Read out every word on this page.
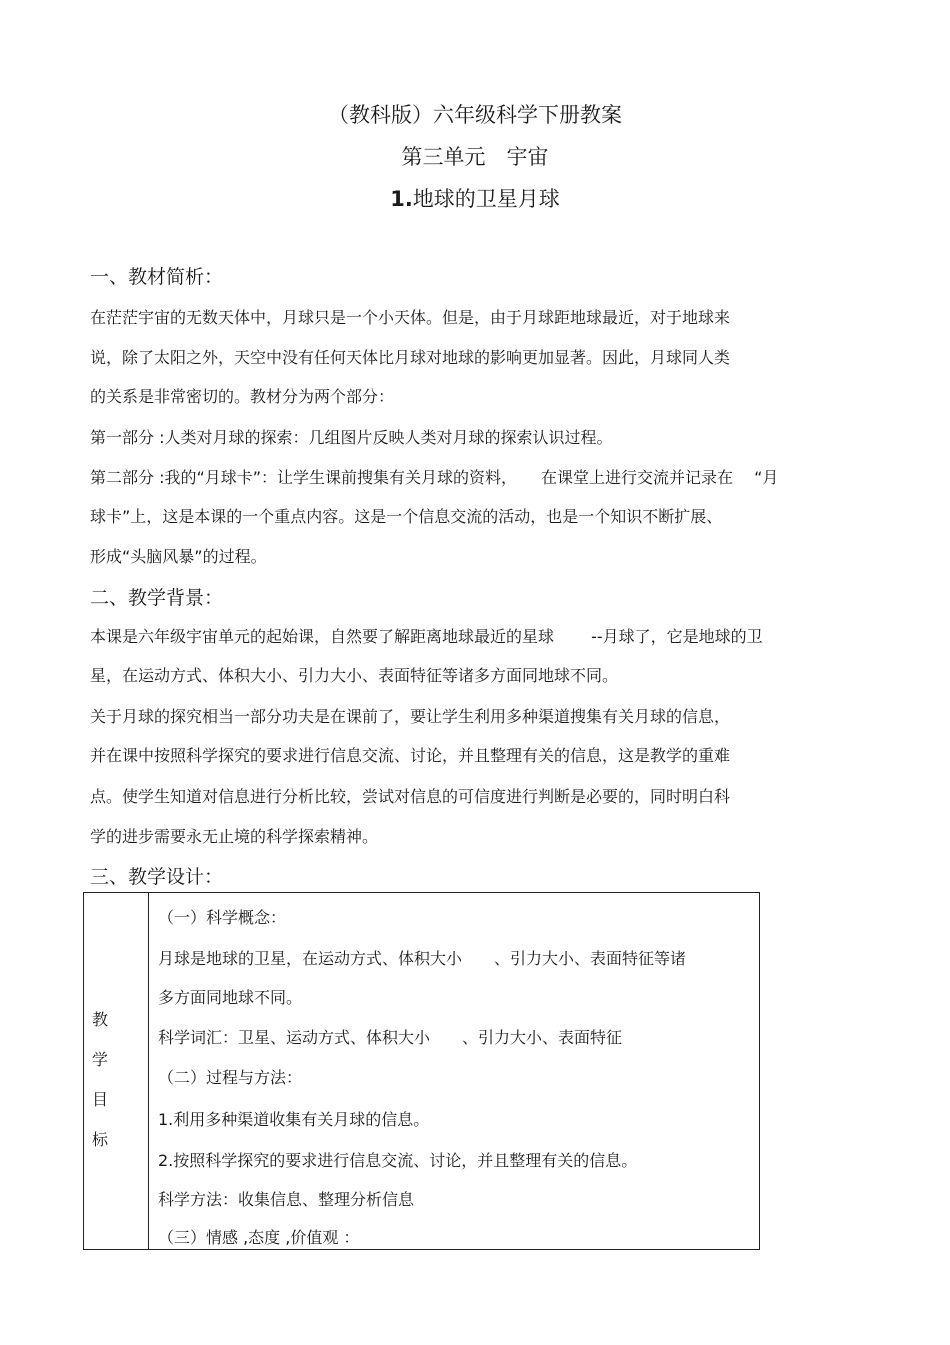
（教科版）六年级科学下册教案
第三单元　宇宙
1.地球的卫星月球
一、教材简析：
在茫茫宇宙的无数天体中，月球只是一个小天体。但是，由于月球距地球最近，对于地球来
说，除了太阳之外，天空中没有任何天体比月球对地球的影响更加显著。因此，月球同人类
的关系是非常密切的。教材分为两个部分：
第一部分 :人类对月球的探索：几组图片反映人类对月球的探索认识过程。
第二部分 :我的“月球卡”：让学生课前搜集有关月球的资料，　　在课堂上进行交流并记录在　 “月
球卡”上，这是本课的一个重点内容。这是一个信息交流的活动，也是一个知识不断扩展、
形成“头脑风暴”的过程。
二、教学背景：
本课是六年级宇宙单元的起始课，自然要了解距离地球最近的星球　　 --月球了，它是地球的卫
星，在运动方式、体积大小、引力大小、表面特征等诸多方面同地球不同。
关于月球的探究相当一部分功夫是在课前了，要让学生利用多种渠道搜集有关月球的信息，
并在课中按照科学探究的要求进行信息交流、讨论，并且整理有关的信息，这是教学的重难
点。使学生知道对信息进行分析比较，尝试对信息的可信度进行判断是必要的，同时明白科
学的进步需要永无止境的科学探索精神。
三、教学设计：
教
学
目
标
（一）科学概念：
月球是地球的卫星，在运动方式、体积大小　　、引力大小、表面特征等诸
多方面同地球不同。
科学词汇：卫星、运动方式、体积大小　　、引力大小、表面特征
（二）过程与方法：
1.利用多种渠道收集有关月球的信息。
2.按照科学探究的要求进行信息交流、讨论，并且整理有关的信息。
科学方法：收集信息、整理分析信息
（三）情感 ,态度 ,价值观 ：
